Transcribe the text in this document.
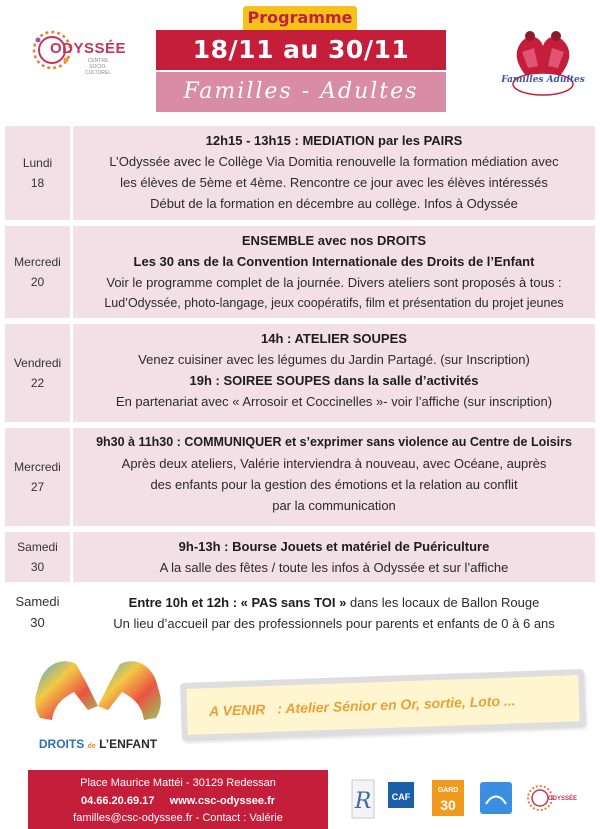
ODYSSÉE
CENTRE SOCIO-CULTUREL
Programme
18/11 au 30/11
Familles - Adultes	Familles Adultes
Lundi
18
12h15 - 13h15 : MEDIATION par les PAIRS
L’Odyssée avec le Collège Via Domitia renouvelle la formation médiation avec
les élèves de 5ème et 4ème. Rencontre ce jour avec les élèves intéressés
Début de la formation en décembre au collège. Infos à Odyssée
Mercredi
20
ENSEMBLE avec nos DROITS
Les 30 ans de la Convention Internationale des Droits de l’Enfant
Voir le programme complet de la journée. Divers ateliers sont proposés à tous :
Lud’Odyssée, photo-langage, jeux coopératifs, film et présentation du projet jeunes
Vendredi
22
14h : ATELIER SOUPES
Venez cuisiner avec les légumes du Jardin Partagé. (sur Inscription)
19h : SOIREE SOUPES dans la salle d’activités
En partenariat avec « Arrosoir et Coccinelles »- voir l’affiche (sur inscription)
Mercredi
27
9h30 à 11h30 : COMMUNIQUER et s’exprimer sans violence au Centre de Loisirs
Après deux ateliers, Valérie interviendra à nouveau, avec Océane, auprès
des enfants pour la gestion des émotions et la relation au conflit
par la communication
Samedi
30
9h-13h : Bourse Jouets et matériel de Puériculture
A la salle des fêtes / toute les infos à Odyssée et sur l’affiche
Samedi
30
Entre 10h et 12h : « PAS sans TOI » dans les locaux de Ballon Rouge
Un lieu d’accueil par des professionnels pour parents et enfants de 0 à 6 ans
DROITS de L’ENFANT
A VENIR : Atelier Sénior en Or, sortie, Loto ...
Place Maurice Mattéi - 30129 Redessan
04.66.20.69.17 www.csc-odyssee.fr
familles@csc-odyssee.fr - Contact : Valérie
R CAF
GARD
30	ODYSSÉE
